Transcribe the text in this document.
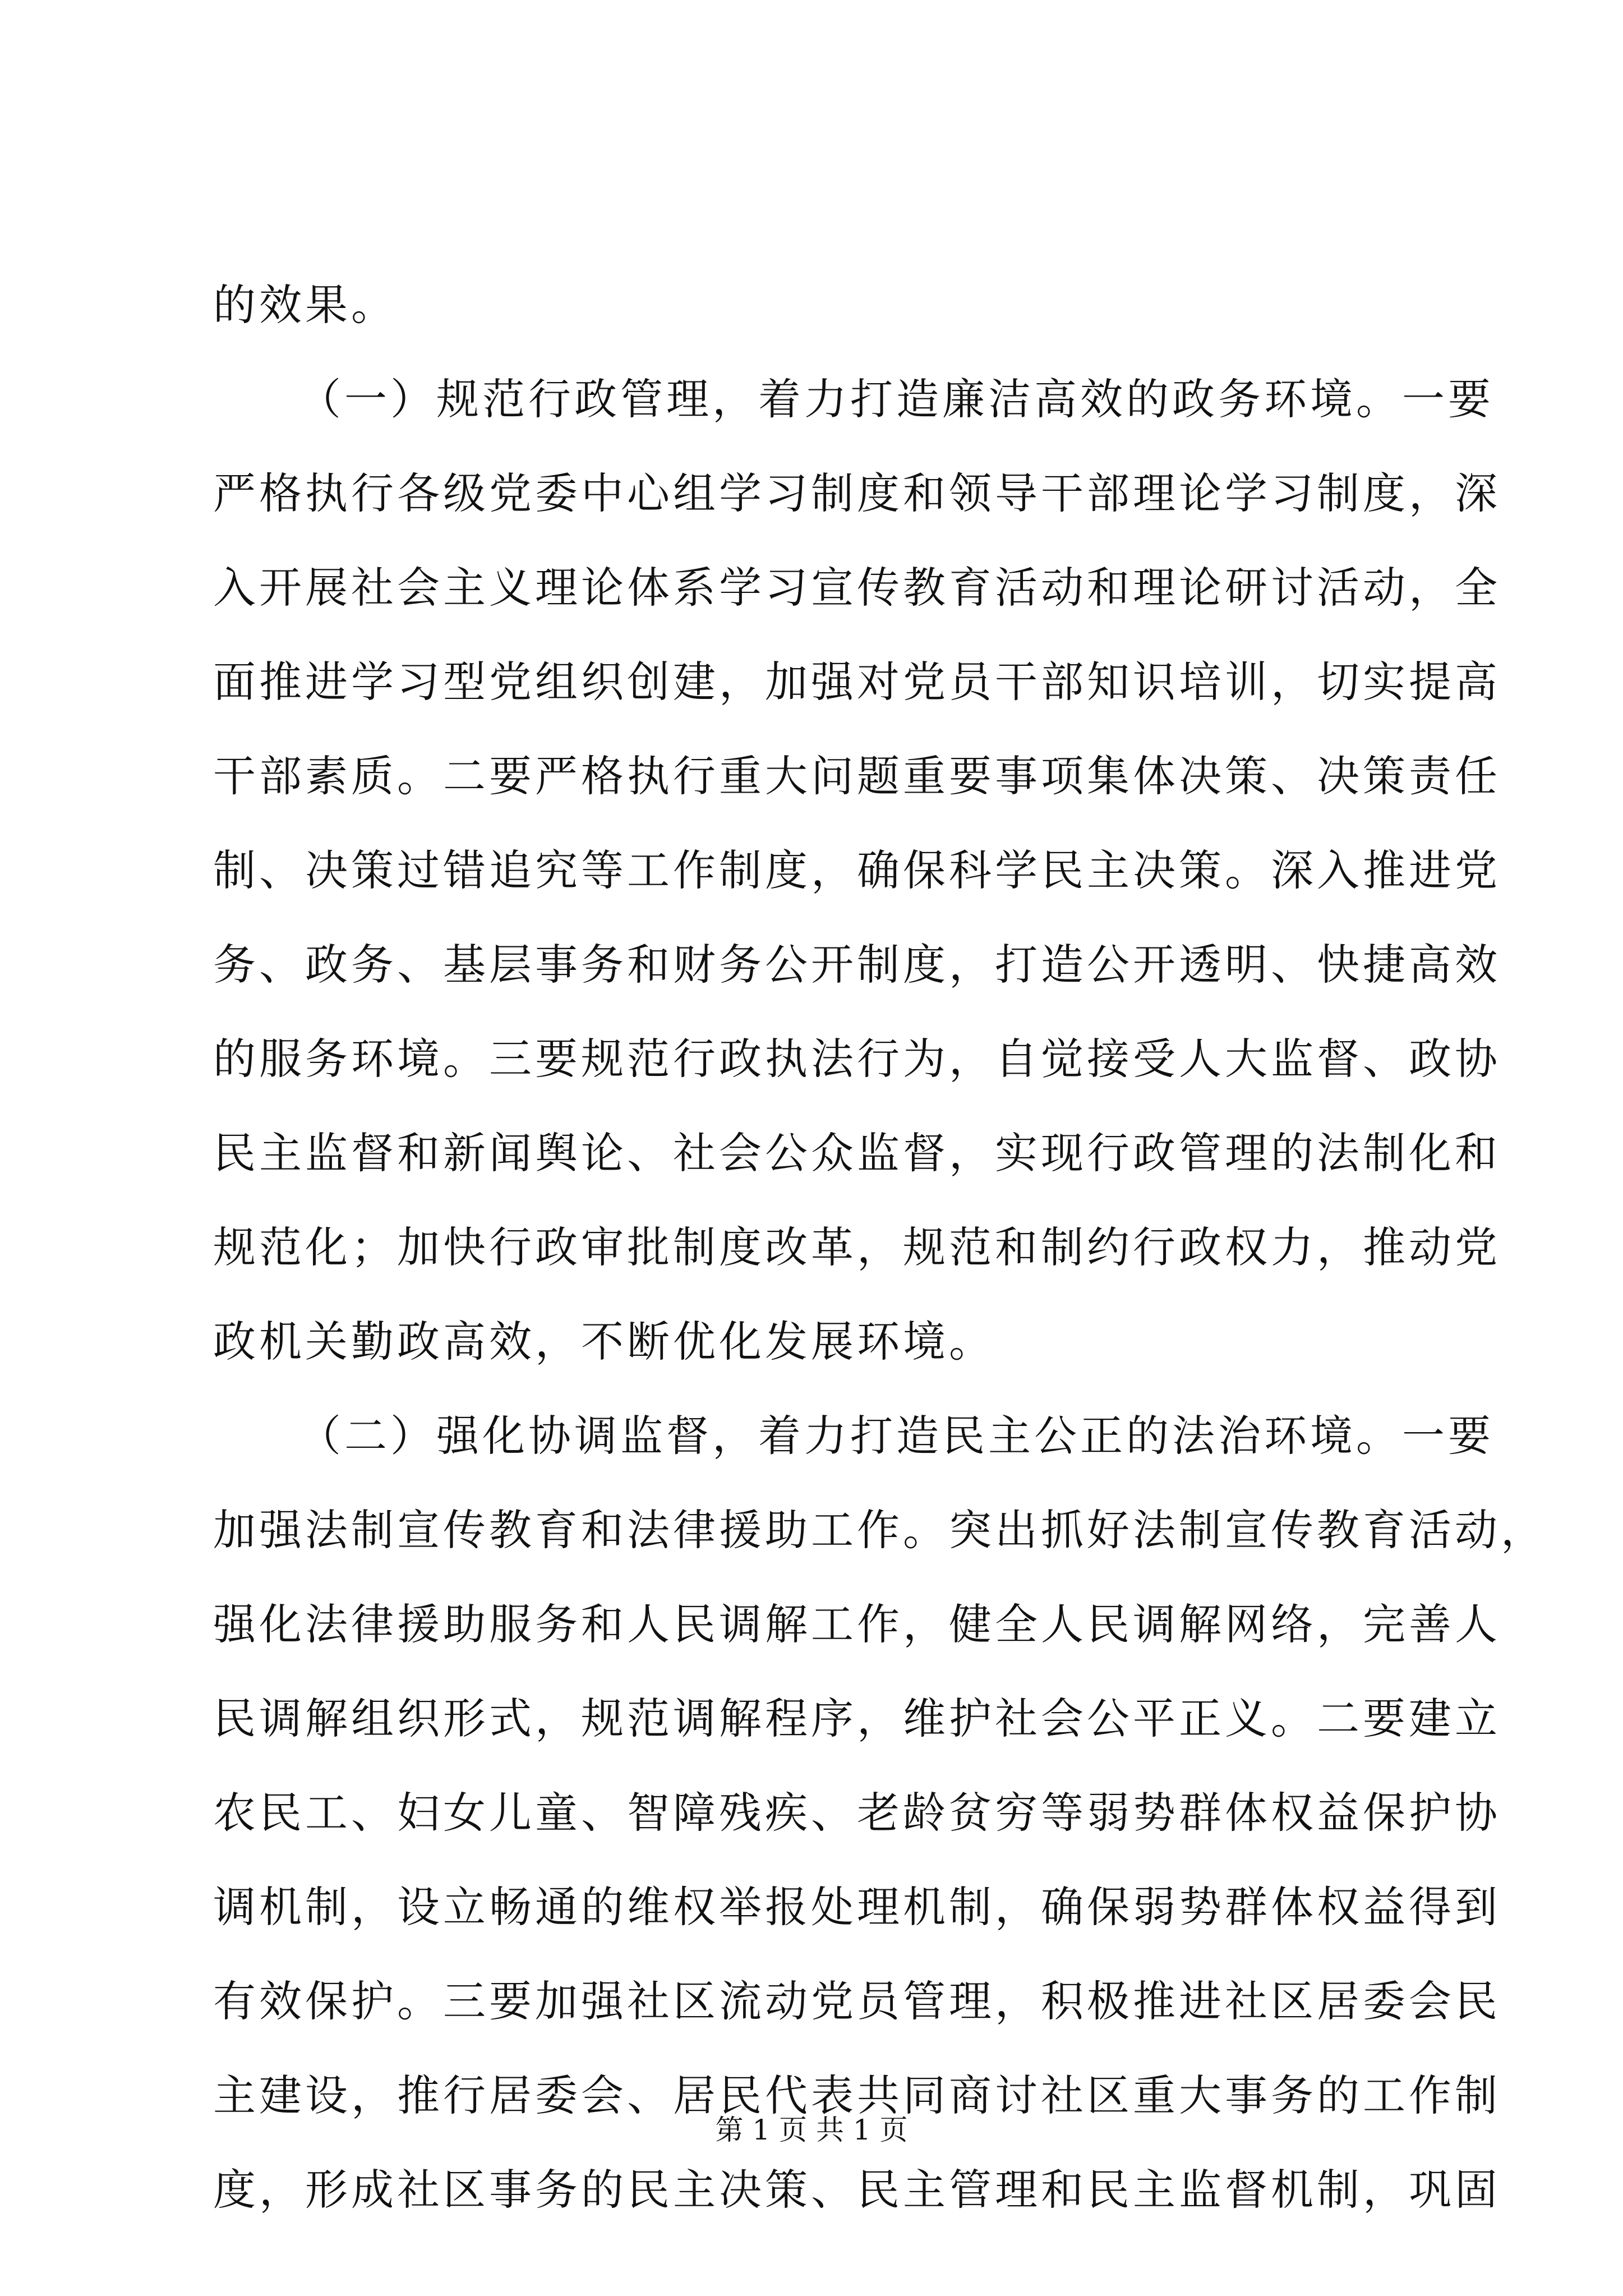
的效果。
（一）规范行政管理，着力打造廉洁高效的政务环境。一要
严格执行各级党委中心组学习制度和领导干部理论学习制度，深
入开展社会主义理论体系学习宣传教育活动和理论研讨活动，全
面推进学习型党组织创建，加强对党员干部知识培训，切实提高
干部素质。二要严格执行重大问题重要事项集体决策、决策责任
制、决策过错追究等工作制度，确保科学民主决策。深入推进党
务、政务、基层事务和财务公开制度，打造公开透明、快捷高效
的服务环境。三要规范行政执法行为，自觉接受人大监督、政协
民主监督和新闻舆论、社会公众监督，实现行政管理的法制化和
规范化；加快行政审批制度改革，规范和制约行政权力，推动党
政机关勤政高效，不断优化发展环境。
（二）强化协调监督，着力打造民主公正的法治环境。一要
加强法制宣传教育和法律援助工作。突出抓好法制宣传教育活动，
强化法律援助服务和人民调解工作，健全人民调解网络，完善人
民调解组织形式，规范调解程序，维护社会公平正义。二要建立
农民工、妇女儿童、智障残疾、老龄贫穷等弱势群体权益保护协
调机制，设立畅通的维权举报处理机制，确保弱势群体权益得到
有效保护。三要加强社区流动党员管理，积极推进社区居委会民
主建设，推行居委会、居民代表共同商讨社区重大事务的工作制
度，形成社区事务的民主决策、民主管理和民主监督机制，巩固
第 1 页 共 1 页
